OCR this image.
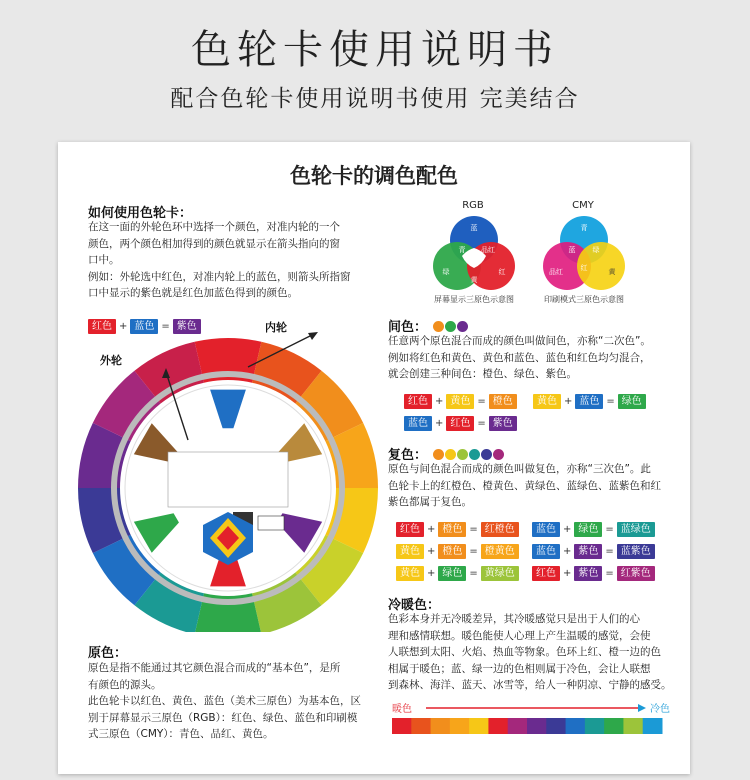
色轮卡使用说明书
配合色轮卡使用说明书使用 完美结合
色轮卡的调色配色
如何使用色轮卡：
在这一面的外轮色环中选择一个颜色，对准内轮的一个
颜色，两个颜色相加得到的颜色就显示在箭头指向的窗
口中。
例如：外轮选中红色，对准内轮上的蓝色，则箭头所指窗
口中显示的紫色就是红色加蓝色得到的颜色。
红色 + 蓝色 = 紫色	内轮
外轮
原色：
原色是指不能通过其它颜色混合而成的“基本色”，是所
有颜色的源头。
此色轮卡以红色、黄色、蓝色（美术三原色）为基本色，区
别于屏幕显示三原色（RGB）：红色、绿色、蓝色和印刷模
式三原色（CMY）：青色、品红、黄色。
RGB
蓝
青 品红
绿
黄
红
屏幕显示三原色示意图
CMY
蓝 绿
青
品红	黄
红
印刷模式三原色示意图
间色：
任意两个原色混合而成的颜色叫做间色，亦称“二次色”。
例如将红色和黄色、黄色和蓝色、蓝色和红色均匀混合，
就会创建三种间色：橙色、绿色、紫色。
复色：
原色与间色混合而成的颜色叫做复色，亦称“三次色”。此
色轮卡上的红橙色、橙黄色、黄绿色、蓝绿色、蓝紫色和红
紫色都属于复色。
冷暖色：
色彩本身并无冷暖差异，其冷暖感觉只是出于人们的心
理和感情联想。暖色能使人心理上产生温暖的感觉，会使
人联想到太阳、火焰、热血等物象。色环上红、橙一边的色
相属于暖色；蓝、绿一边的色相则属于冷色，会让人联想
到森林、海洋、蓝天、冰雪等，给人一种阴凉、宁静的感受。
暖色	冷色
红色 + 黄色 = 橙色	黄色 + 蓝色 = 绿色
蓝色 + 红色 = 紫色
红色 + 橙色 = 红橙色	蓝色 + 绿色 = 蓝绿色
黄色 + 橙色 = 橙黄色	蓝色 + 紫色 = 蓝紫色
黄色 + 绿色 = 黄绿色	红色 + 紫色 = 红紫色
